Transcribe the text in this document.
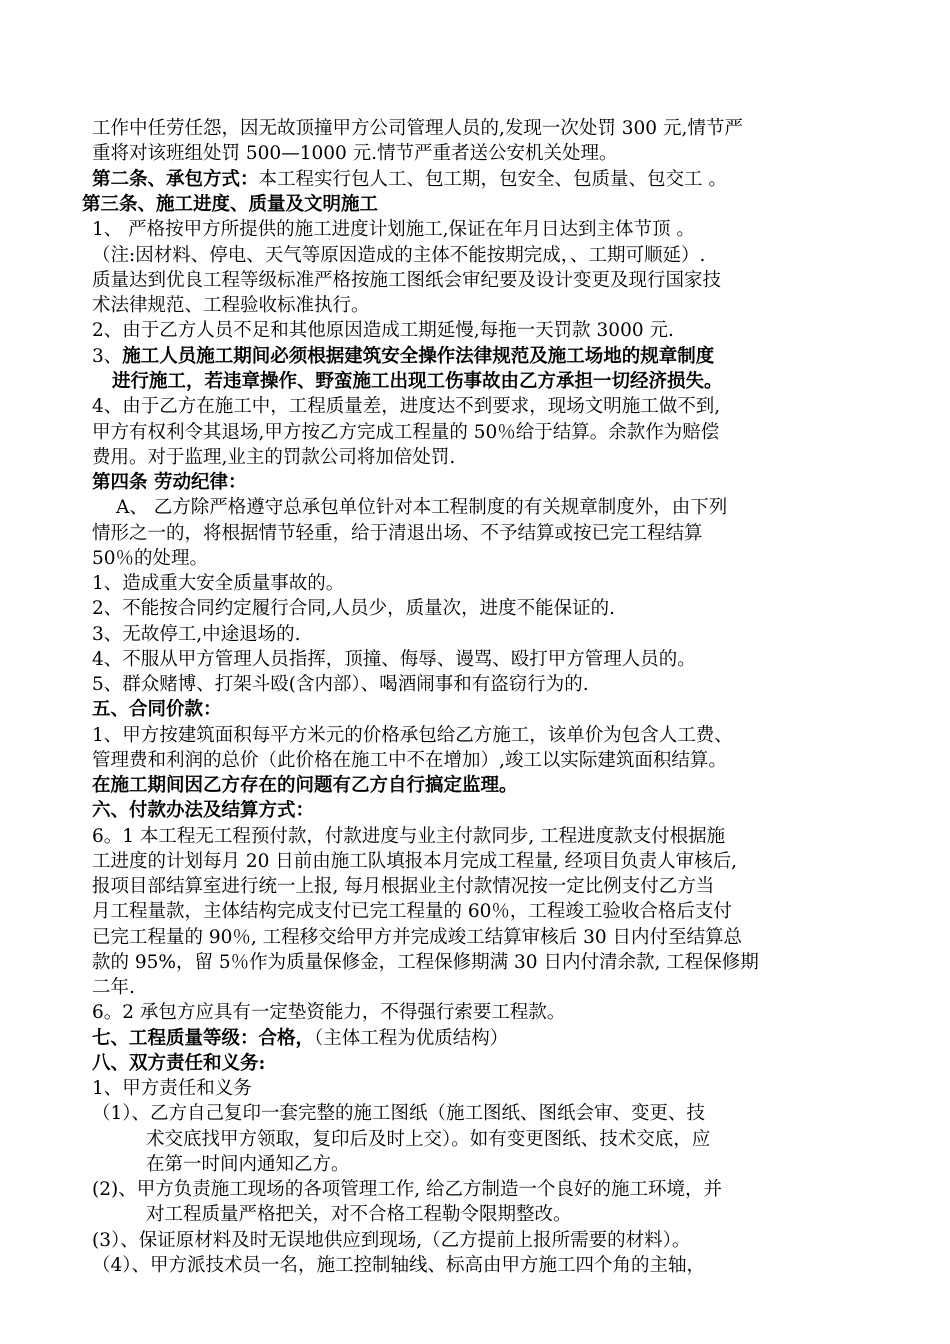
工作中任劳任怨，因无故顶撞甲方公司管理人员的,发现一次处罚 300 元,情节严
重将对该班组处罚 500—1000 元.情节严重者送公安机关处理。
第二条、承包方式：本工程实行包人工、包工期，包安全、包质量、包交工 。
第三条、施工进度、质量及文明施工
1、 严格按甲方所提供的施工进度计划施工,保证在年月日达到主体节顶 。
（注:因材料、停电、天气等原因造成的主体不能按期完成，、工期可顺延）.
质量达到优良工程等级标准严格按施工图纸会审纪要及设计变更及现行国家技
术法律规范、工程验收标准执行。
2、由于乙方人员不足和其他原因造成工期延慢,每拖一天罚款 3000 元.
3、施工人员施工期间必须根据建筑安全操作法律规范及施工场地的规章制度
进行施工，若违章操作、野蛮施工出现工伤事故由乙方承担一切经济损失。
4、由于乙方在施工中，工程质量差，进度达不到要求，现场文明施工做不到,
甲方有权利令其退场,甲方按乙方完成工程量的 50％给于结算。余款作为赔偿
费用。对于监理,业主的罚款公司将加倍处罚.
第四条 劳动纪律：
A、 乙方除严格遵守总承包单位针对本工程制度的有关规章制度外，由下列
情形之一的，将根据情节轻重，给于清退出场、不予结算或按已完工程结算
50％的处理。
1、造成重大安全质量事故的。
2、不能按合同约定履行合同,人员少，质量次，进度不能保证的.
3、无故停工,中途退场的.
4、不服从甲方管理人员指挥，顶撞、侮辱、谩骂、殴打甲方管理人员的。
5、群众赌博、打架斗殴(含内部）、喝酒闹事和有盗窃行为的.
五、合同价款：
1、甲方按建筑面积每平方米元的价格承包给乙方施工，该单价为包含人工费、
管理费和利润的总价（此价格在施工中不在增加）,竣工以实际建筑面积结算。
在施工期间因乙方存在的问题有乙方自行搞定监理。
六、付款办法及结算方式：
6。1 本工程无工程预付款，付款进度与业主付款同步, 工程进度款支付根据施
工进度的计划每月 20 日前由施工队填报本月完成工程量, 经项目负责人审核后,
报项目部结算室进行统一上报, 每月根据业主付款情况按一定比例支付乙方当
月工程量款，主体结构完成支付已完工程量的 60％，工程竣工验收合格后支付
已完工程量的 90％, 工程移交给甲方并完成竣工结算审核后 30 日内付至结算总
款的 95%，留 5％作为质量保修金，工程保修期满 30 日内付清余款, 工程保修期
二年.
6。2 承包方应具有一定垫资能力，不得强行索要工程款。
七、工程质量等级：合格，（主体工程为优质结构）
八、双方责任和义务:
1、甲方责任和义务
（1）、乙方自己复印一套完整的施工图纸（施工图纸、图纸会审、变更、技
术交底找甲方领取，复印后及时上交）。如有变更图纸、技术交底，应
在第一时间内通知乙方。
(2)、甲方负责施工现场的各项管理工作, 给乙方制造一个良好的施工环境，并
对工程质量严格把关，对不合格工程勒令限期整改。
(3）、保证原材料及时无误地供应到现场,（乙方提前上报所需要的材料）。
（4）、甲方派技术员一名，施工控制轴线、标高由甲方施工四个角的主轴，
